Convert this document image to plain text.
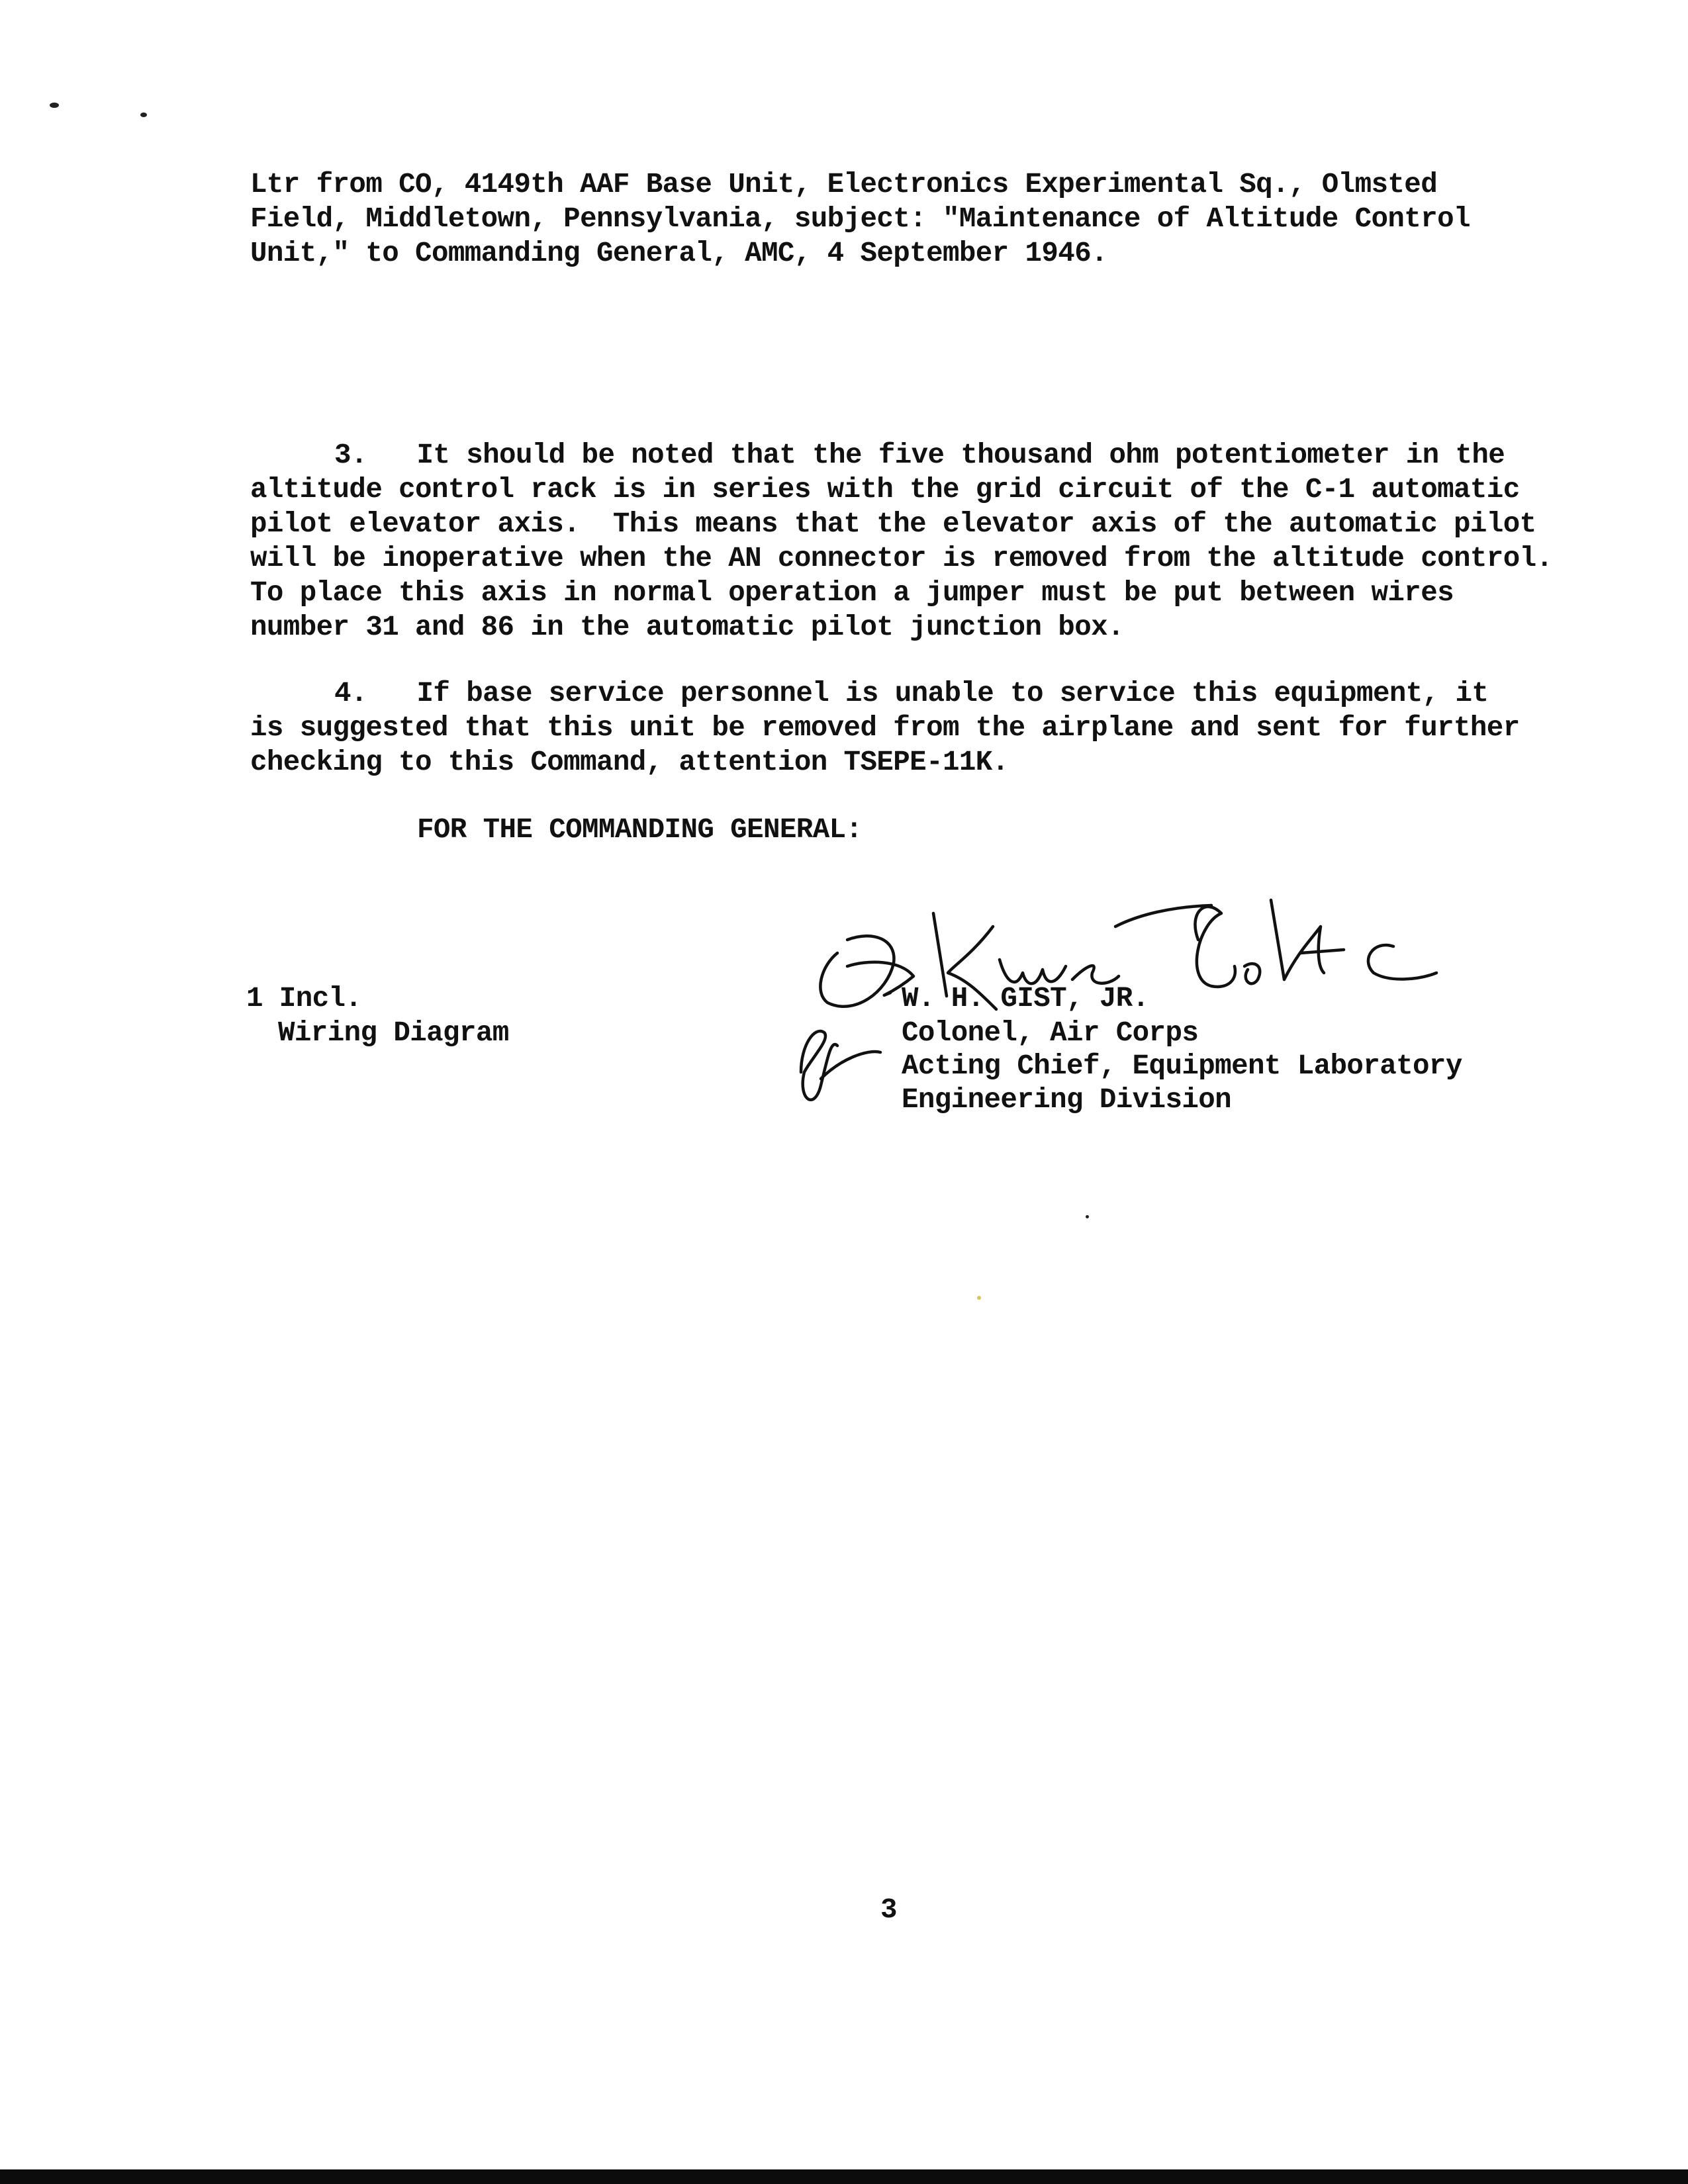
Ltr from CO, 4149th AAF Base Unit, Electronics Experimental Sq., Olmsted
Field, Middletown, Pennsylvania, subject: "Maintenance of Altitude Control
Unit," to Commanding General, AMC, 4 September 1946.
3.   It should be noted that the five thousand ohm potentiometer in the
altitude control rack is in series with the grid circuit of the C-1 automatic
pilot elevator axis.  This means that the elevator axis of the automatic pilot
will be inoperative when the AN connector is removed from the altitude control.
To place this axis in normal operation a jumper must be put between wires
number 31 and 86 in the automatic pilot junction box.
4.   If base service personnel is unable to service this equipment, it
is suggested that this unit be removed from the airplane and sent for further
checking to this Command, attention TSEPE-11K.
FOR THE COMMANDING GENERAL:
1 Incl.
Wiring Diagram
W. H. GIST, JR.
Colonel, Air Corps
Acting Chief, Equipment Laboratory
Engineering Division
3
